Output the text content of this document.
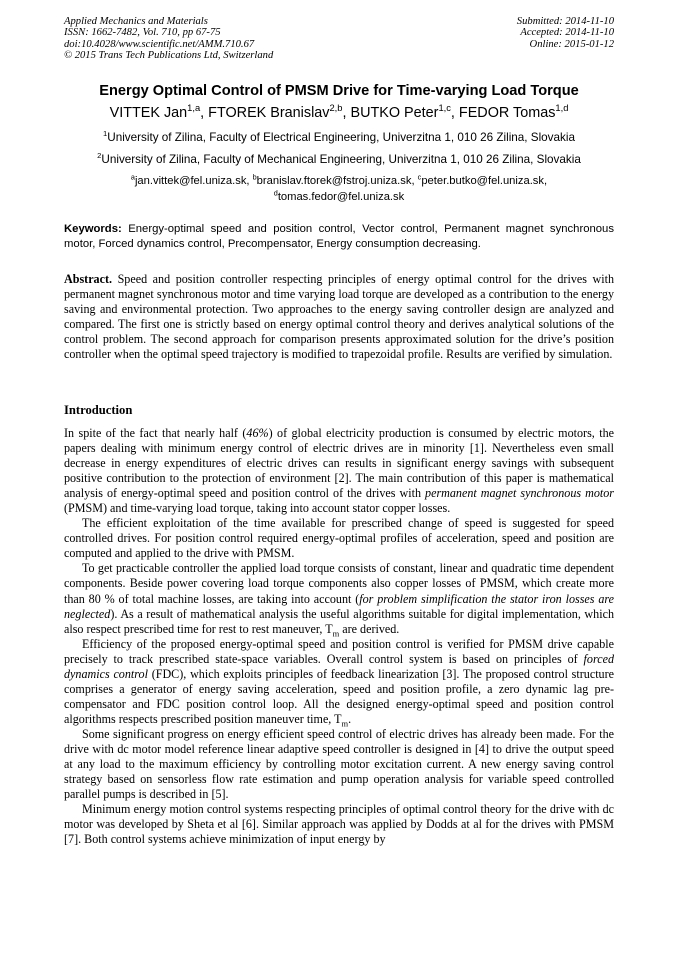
Applied Mechanics and Materials
ISSN: 1662-7482, Vol. 710, pp 67-75
doi:10.4028/www.scientific.net/AMM.710.67
© 2015 Trans Tech Publications Ltd, Switzerland
Submitted: 2014-11-10
Accepted: 2014-11-10
Online: 2015-01-12
Energy Optimal Control of PMSM Drive for Time-varying Load Torque
VITTEK Jan$^{1,a}$, FTOREK Branislav$^{2,b}$, BUTKO Peter$^{1,c}$, FEDOR Tomas$^{1,d}$
$^1$University of Zilina, Faculty of Electrical Engineering, Univerzitna 1, 010 26 Zilina, Slovakia
$^2$University of Zilina, Faculty of Mechanical Engineering, Univerzitna 1, 010 26 Zilina, Slovakia
$^a$jan.vittek@fel.uniza.sk, $^b$branislav.ftorek@fstroj.uniza.sk, $^c$peter.butko@fel.uniza.sk,
$^d$tomas.fedor@fel.uniza.sk
Keywords: Energy-optimal speed and position control, Vector control, Permanent magnet synchronous motor, Forced dynamics control, Precompensator, Energy consumption decreasing.
Abstract. Speed and position controller respecting principles of energy optimal control for the drives with permanent magnet synchronous motor and time varying load torque are developed as a contribution to the energy saving and environmental protection. Two approaches to the energy saving controller design are analyzed and compared. The first one is strictly based on energy optimal control theory and derives analytical solutions of the control problem. The second approach for comparison presents approximated solution for the drive’s position controller when the optimal speed trajectory is modified to trapezoidal profile. Results are verified by simulation.
Introduction

In spite of the fact that nearly half (46%) of global electricity production is consumed by electric motors, the papers dealing with minimum energy control of electric drives are in minority [1]. Nevertheless even small decrease in energy expenditures of electric drives can results in significant energy savings with subsequent positive contribution to the protection of environment [2]. The main contribution of this paper is mathematical analysis of energy-optimal speed and position control of the drives with permanent magnet synchronous motor (PMSM) and time-varying load torque, taking into account stator copper losses.

The efficient exploitation of the time available for prescribed change of speed is suggested for speed controlled drives. For position control required energy-optimal profiles of acceleration, speed and position are computed and applied to the drive with PMSM.

To get practicable controller the applied load torque consists of constant, linear and quadratic time dependent components. Beside power covering load torque components also copper losses of PMSM, which create more than 80 % of total machine losses, are taking into account (for problem simplification the stator iron losses are neglected). As a result of mathematical analysis the useful algorithms suitable for digital implementation, which also respect prescribed time for rest to rest maneuver, $T_m$ are derived.

Efficiency of the proposed energy-optimal speed and position control is verified for PMSM drive capable precisely to track prescribed state-space variables. Overall control system is based on principles of forced dynamics control (FDC), which exploits principles of feedback linearization [3]. The proposed control structure comprises a generator of energy saving acceleration, speed and position profile, a zero dynamic lag pre-compensator and FDC position control loop. All the designed energy-optimal speed and position control algorithms respects prescribed position maneuver time, $T_m$.

Some significant progress on energy efficient speed control of electric drives has already been made. For the drive with dc motor model reference linear adaptive speed controller is designed in [4] to drive the output speed at any load to the maximum efficiency by controlling motor excitation current. A new energy saving control strategy based on sensorless flow rate estimation and pump operation analysis for variable speed controlled parallel pumps is described in [5].

Minimum energy motion control systems respecting principles of optimal control theory for the drive with dc motor was developed by Sheta et al [6]. Similar approach was applied by Dodds at al for the drives with PMSM [7]. Both control systems achieve minimization of input energy by
